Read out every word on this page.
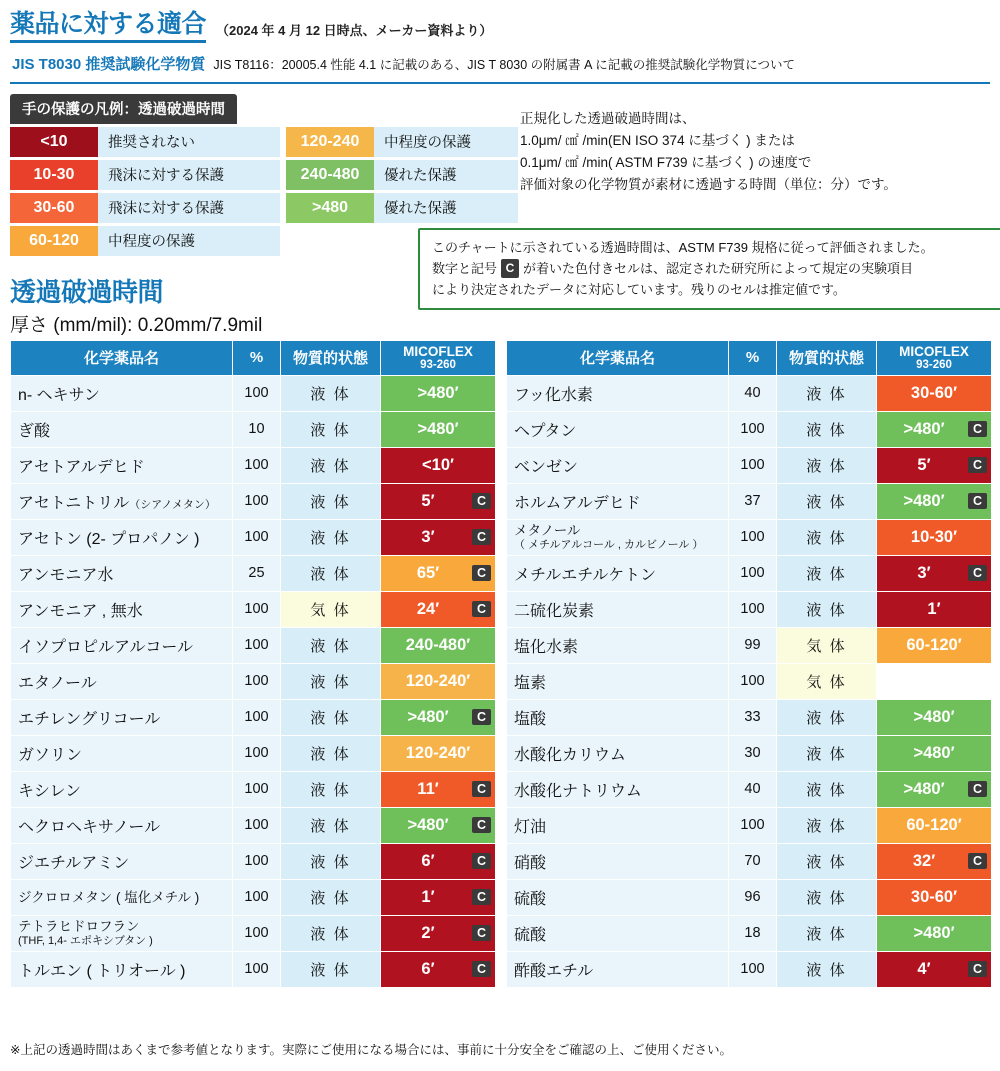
薬品に対する適合 （2024 年 4 月 12 日時点、メーカー資料より）
JIS T8030 推奨試験化学物質 JIS T8116：20005.4 性能 4.1 に記載のある、JIS T 8030 の附属書 A に記載の推奨試験化学物質について
手の保護の凡例：透過破過時間
<10	推奨されない
10-30	飛沫に対する保護
30-60	飛沫に対する保護
60-120	中程度の保護
120-240	中程度の保護
240-480	優れた保護
>480	優れた保護
正規化した透過破過時間は、
1.0μm/ ㎠ /min(EN ISO 374 に基づく ) または
0.1μm/ ㎠ /min( ASTM F739 に基づく ) の速度で
評価対象の化学物質が素材に透過する時間（単位：分）です。
このチャートに示されている透過時間は、ASTM F739 規格に従って評価されました。
数字と記号 C が着いた色付きセルは、認定された研究所によって規定の実験項目
により決定されたデータに対応しています。残りのセルは推定値です。
透過破過時間
厚さ (mm/mil): 0.20mm/7.9mil
化学薬品名	%	物質的状態	MICOFLEX
93-260

n- ヘキサン	100	液 体	>480′
ぎ酸	10	液 体	>480′
アセトアルデヒド	100	液 体	<10′
アセトニトリル（シアノメタン）	100	液 体	5′ C

アセトン (2- プロパノン )	100	液 体	3′ C

アンモニア水	25	液 体	65′ C

アンモニア , 無水	100	気 体	24′ C

イソプロピルアルコール	100	液 体	240-480′
エタノール	100	液 体	120-240′
エチレングリコール	100	液 体	>480′ C

ガソリン	100	液 体	120-240′
キシレン	100	液 体	11′ C

ヘクロヘキサノール	100	液 体	>480′ C

ジエチルアミン	100	液 体	6′ C

ジクロロメタン ( 塩化メチル )	100	液 体	1′ C

テトラヒドロフラン
(THF, 1,4- エポキシブタン )	100	液 体	2′	C

トルエン ( トリオール )	100	液 体	6′ C
化学薬品名	%	物質的状態	MICOFLEX
93-260

フッ化水素	40	液 体	30-60′
ヘプタン	100	液 体	>480′ C

ベンゼン	100	液 体	5′ C

ホルムアルデヒド	37	液 体	>480′ C

メタノール
（ メチルアルコール , カルビノール ）	100	液 体	10-30′
メチルエチルケトン	100	液 体	3′ C

二硫化炭素	100	液 体	1′
塩化水素	99	気 体	60-120′
塩素	100	気 体	
塩酸	33	液 体	>480′
水酸化カリウム	30	液 体	>480′
水酸化ナトリウム	40	液 体	>480′ C

灯油	100	液 体	60-120′
硝酸	70	液 体	32′ C

硫酸	96	液 体	30-60′
硫酸	18	液 体	>480′
酢酸エチル	100	液 体	4′ C
※上記の透過時間はあくまで参考値となります。実際にご使用になる場合には、事前に十分安全をご確認の上、ご使用ください。
